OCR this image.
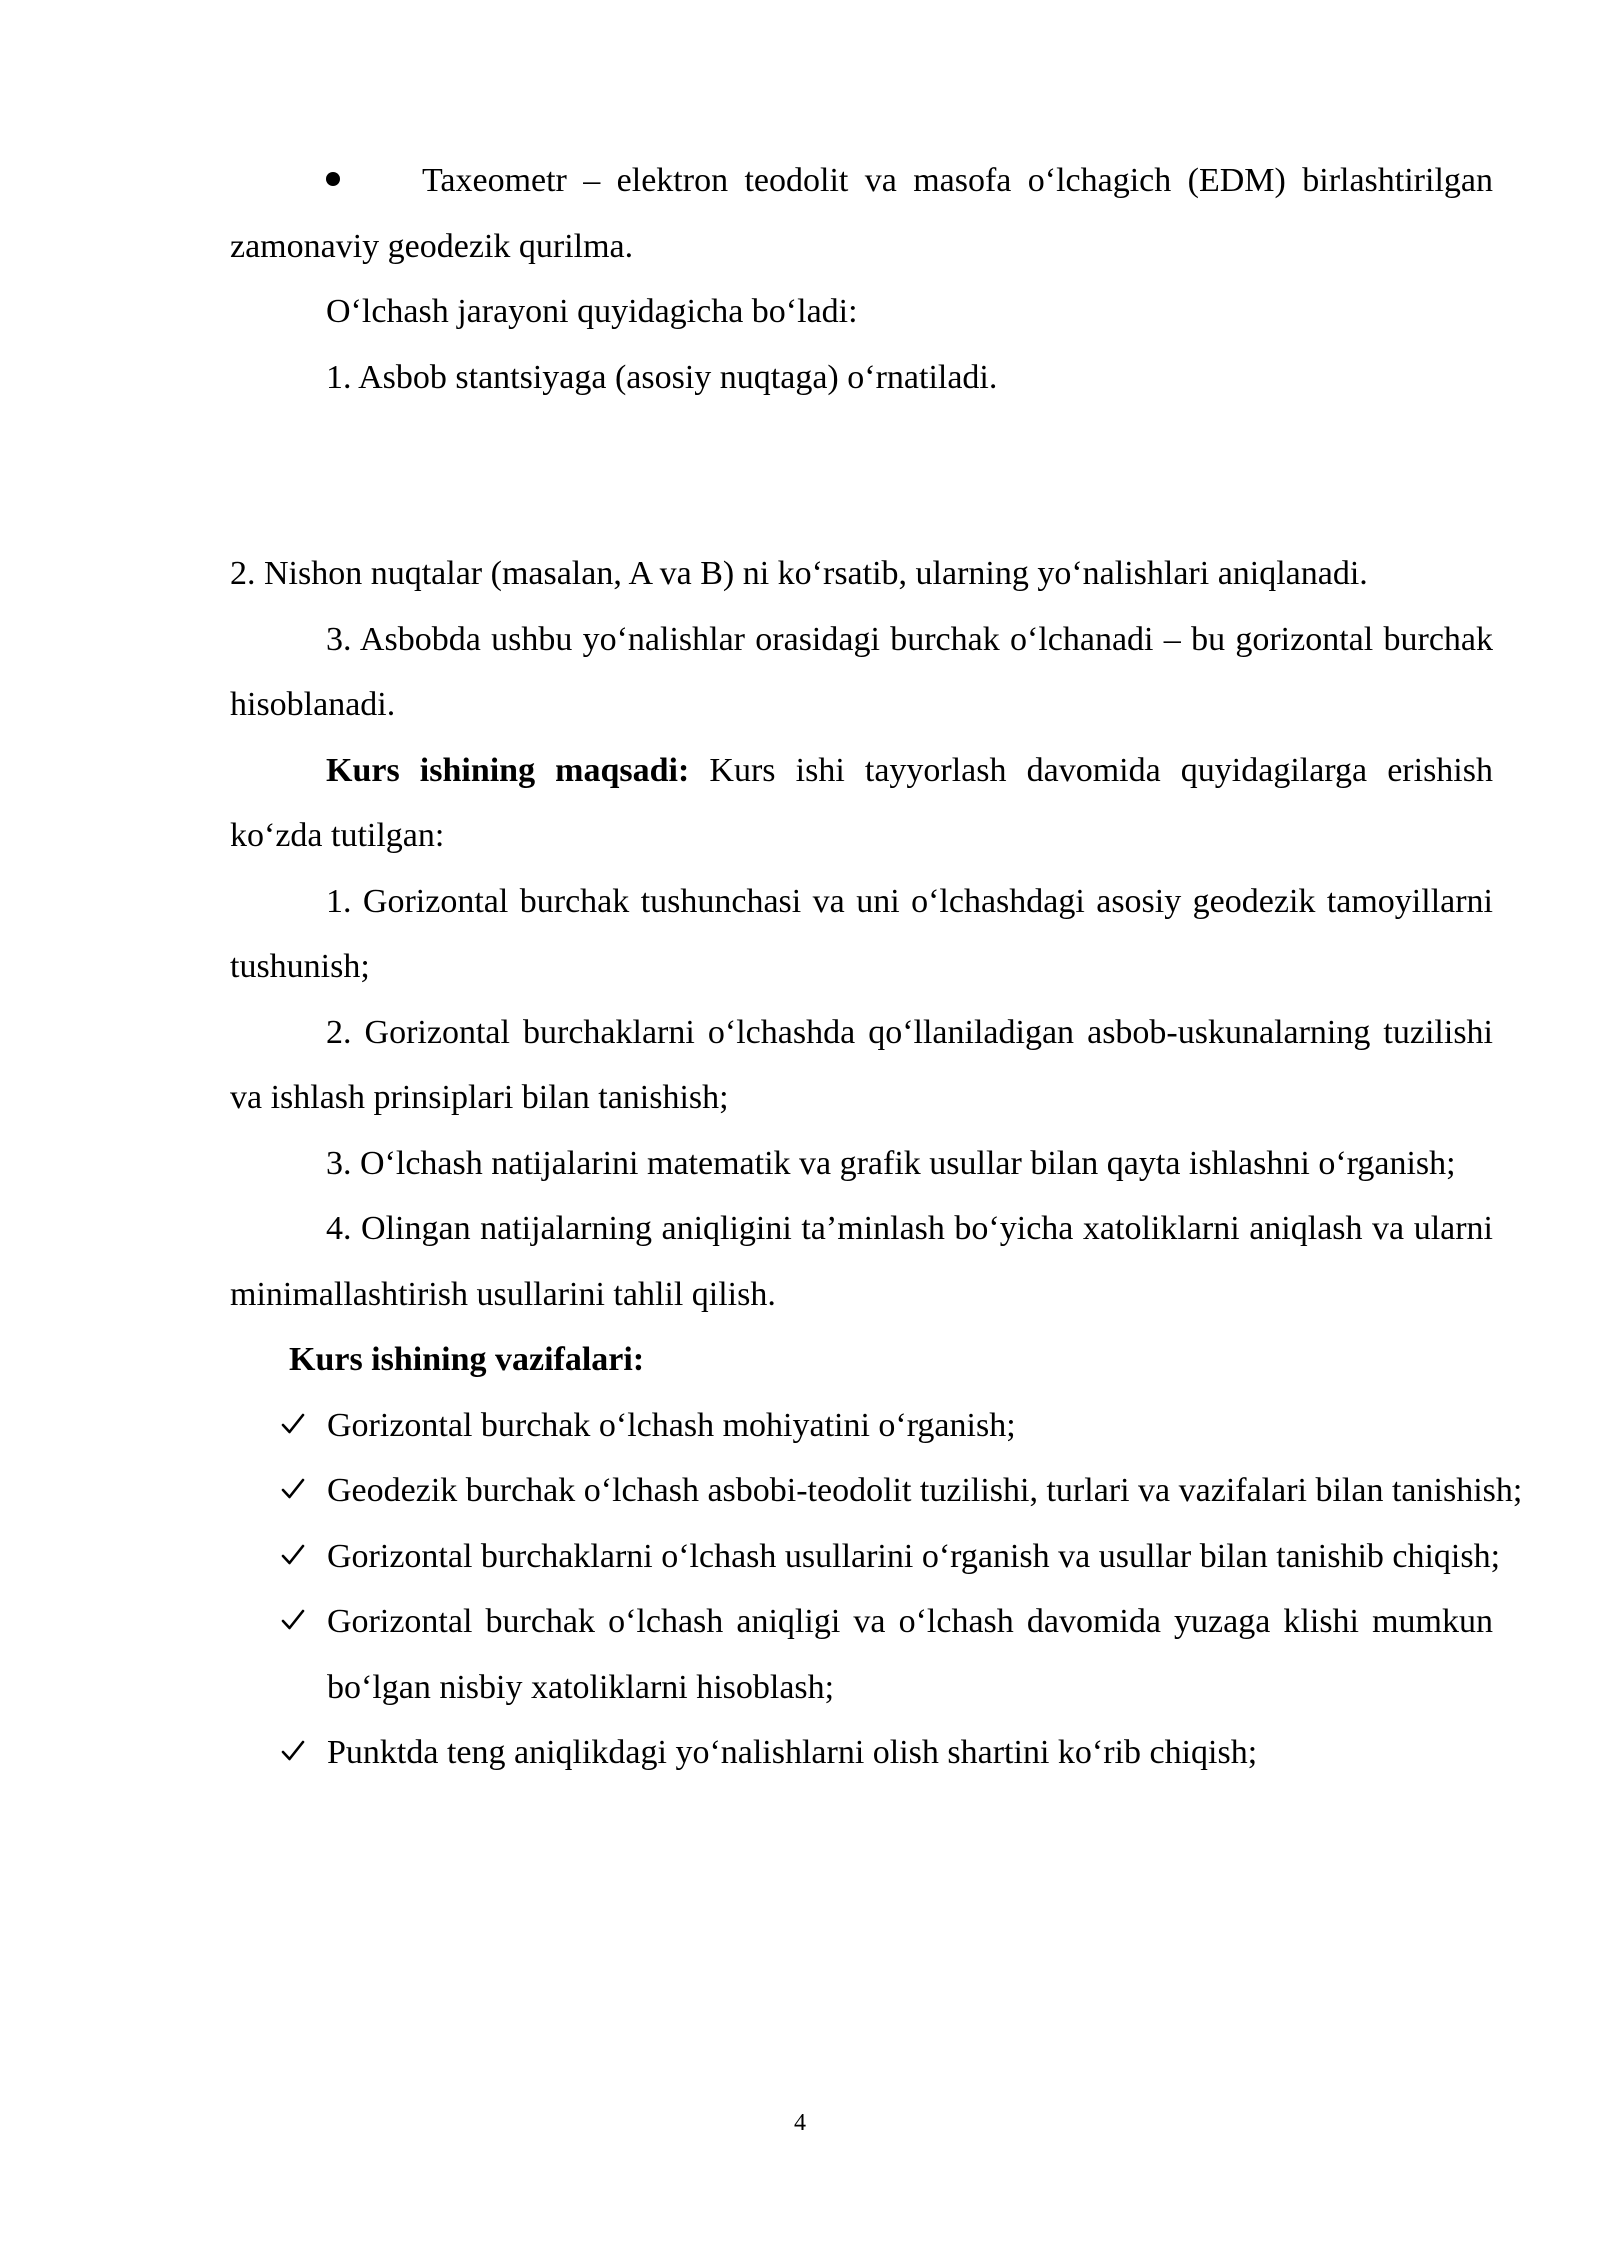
Taxeometr – elektron teodolit va masofa o‘lchagich (EDM) birlashtirilgan zamonaviy geodezik qurilma.

O‘lchash jarayoni quyidagicha bo‘ladi:

1. Asbob stantsiyaga (asosiy nuqtaga) o‘rnatiladi.

2. Nishon nuqtalar (masalan, A va B) ni ko‘rsatib, ularning yo‘nalishlari aniqlanadi.

3. Asbobda ushbu yo‘nalishlar orasidagi burchak o‘lchanadi – bu gorizontal burchak hisoblanadi.

Kurs ishining maqsadi: Kurs ishi tayyorlash davomida quyidagilarga erishish ko‘zda tutilgan:

1. Gorizontal burchak tushunchasi va uni o‘lchashdagi asosiy geodezik tamoyillarni tushunish;

2. Gorizontal burchaklarni o‘lchashda qo‘llaniladigan asbob-uskunalarning tuzilishi va ishlash prinsiplari bilan tanishish;

3. O‘lchash natijalarini matematik va grafik usullar bilan qayta ishlashni o‘rganish;

4. Olingan natijalarning aniqligini ta’minlash bo‘yicha xatoliklarni aniqlash va ularni minimallashtirish usullarini tahlil qilish.

Kurs ishining vazifalari:

Gorizontal burchak o‘lchash mohiyatini o‘rganish;
Geodezik burchak o‘lchash asbobi-teodolit tuzilishi, turlari va vazifalari bilan tanishish;
Gorizontal burchaklarni o‘lchash usullarini o‘rganish va usullar bilan tanishib chiqish;
Gorizontal burchak o‘lchash aniqligi va o‘lchash davomida yuzaga klishi mumkun bo‘lgan nisbiy xatoliklarni hisoblash;
Punktda teng aniqlikdagi yo‘nalishlarni olish shartini ko‘rib chiqish;
4
